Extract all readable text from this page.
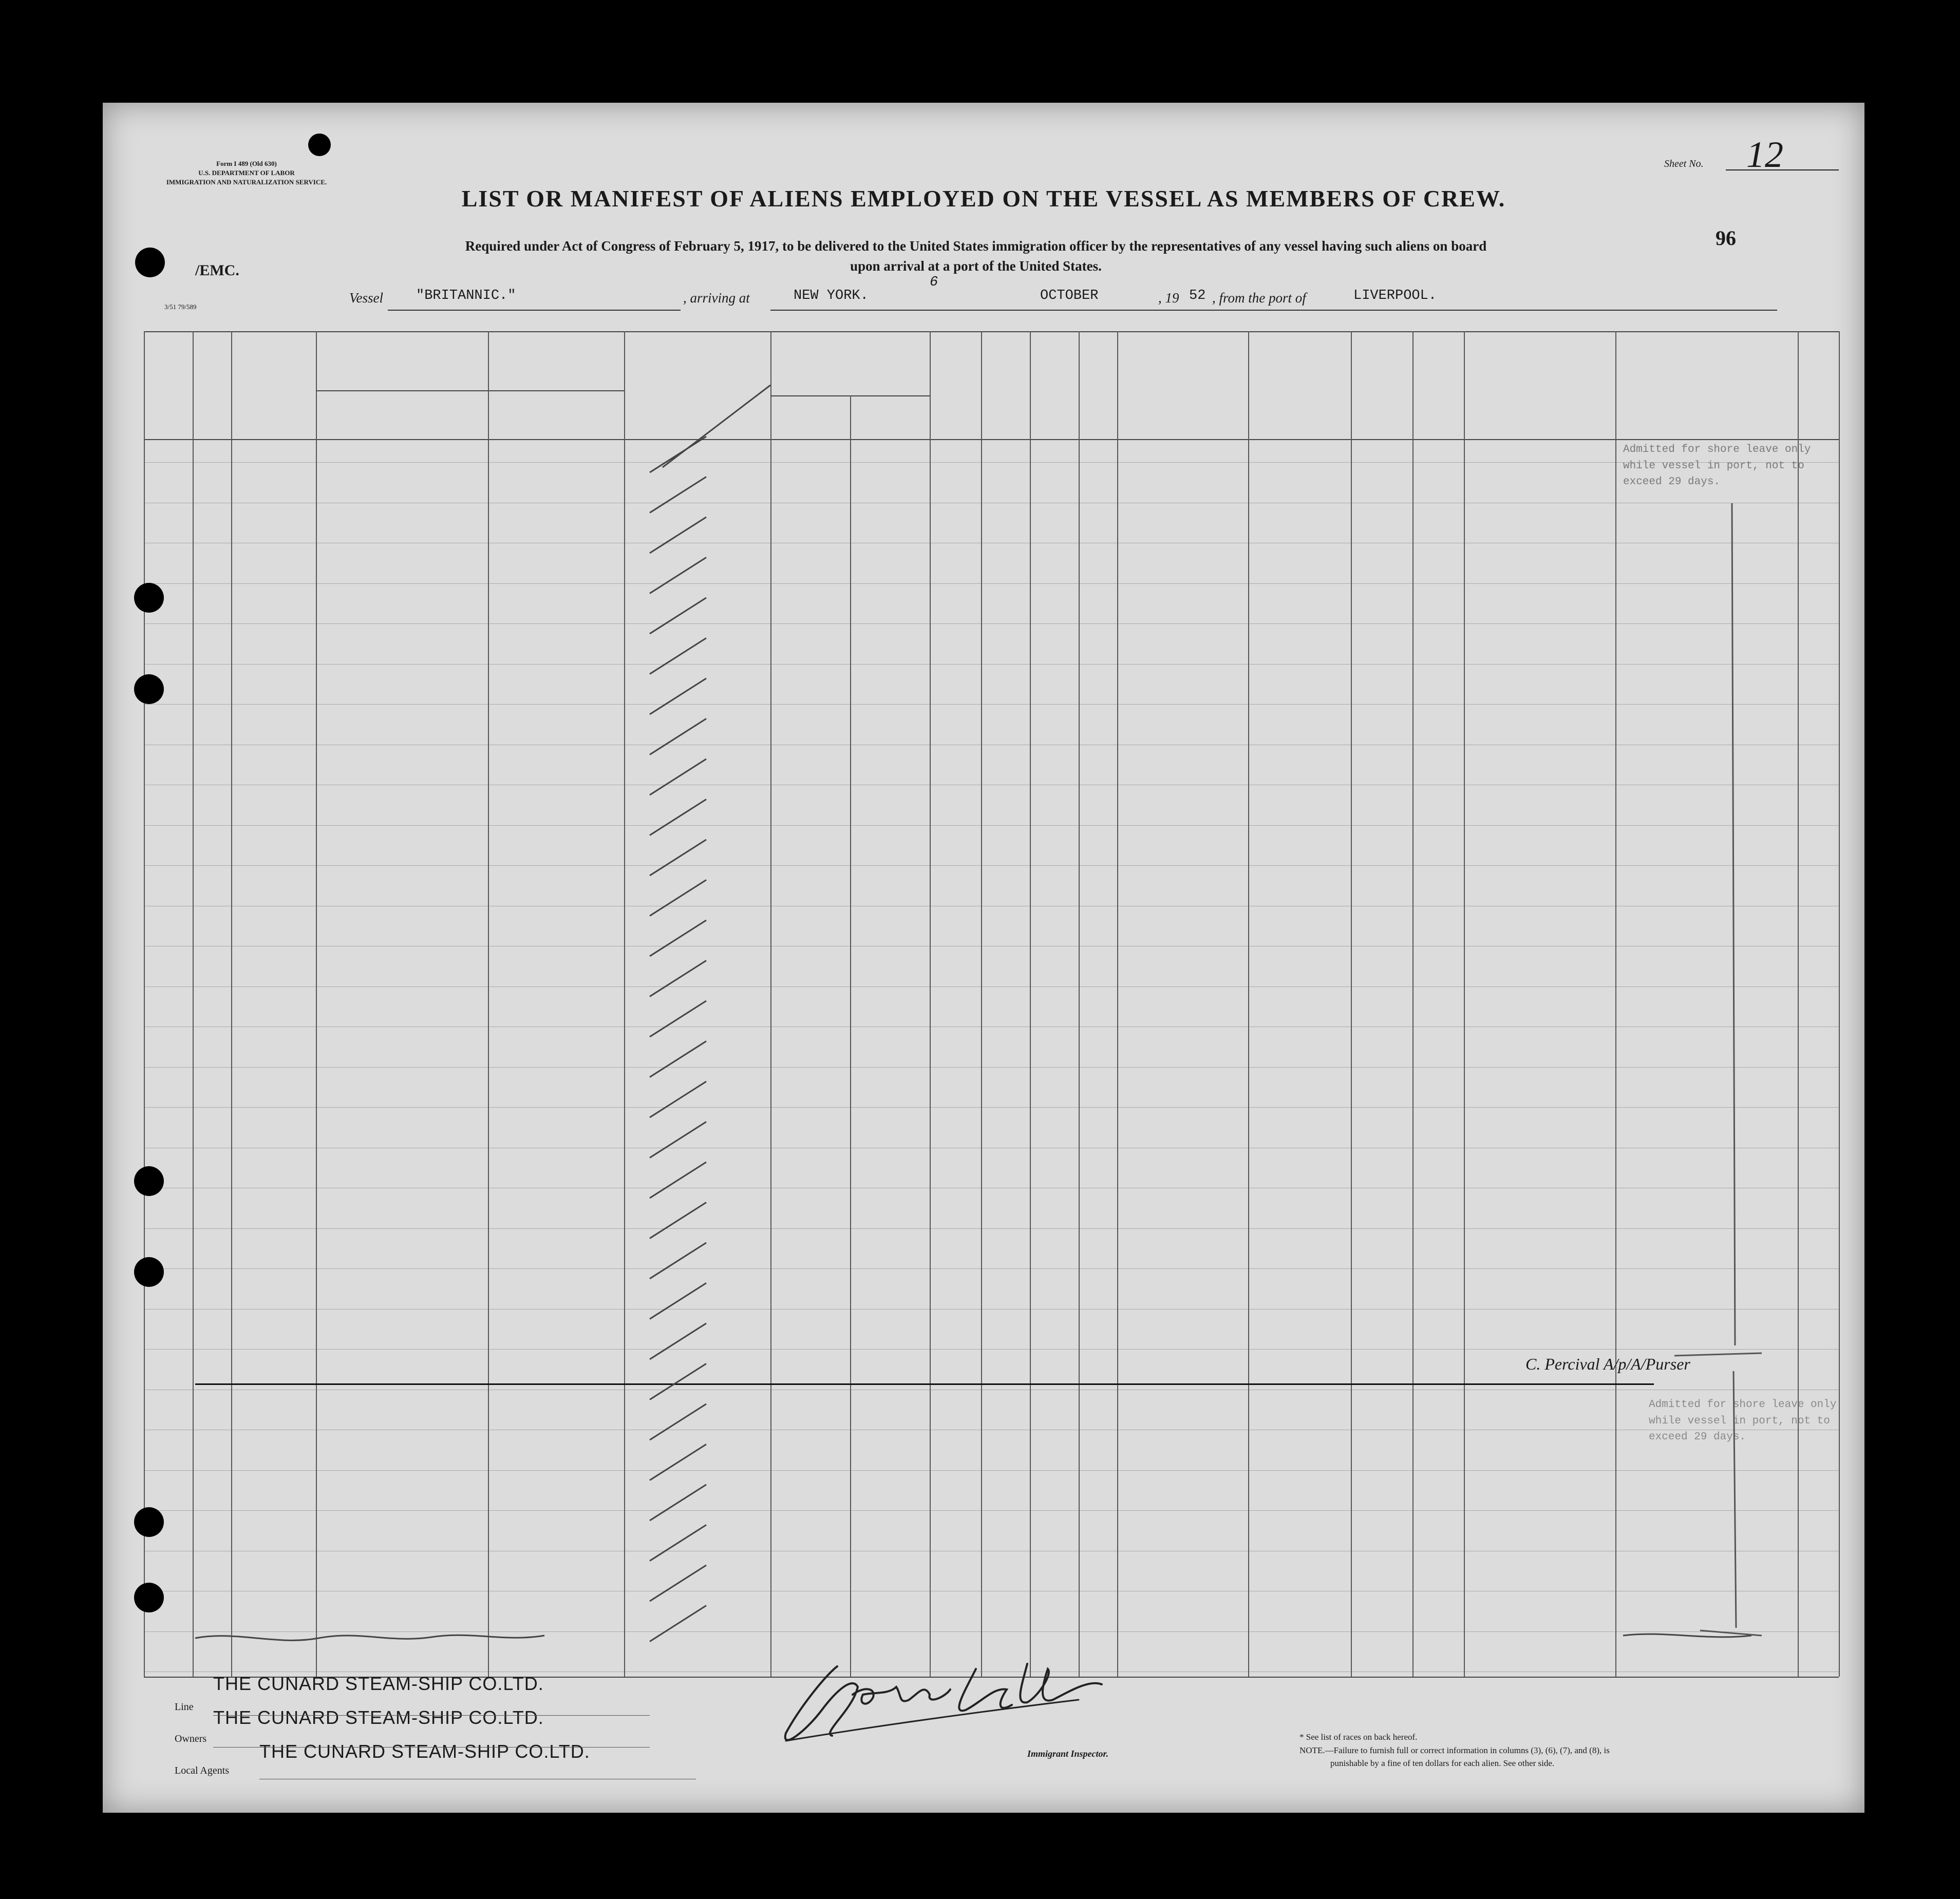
Form I 489 (Old 630)
U.S. DEPARTMENT OF LABOR
IMMIGRATION AND NATURALIZATION SERVICE.
/EMC.
3/51 79/589
Sheet No. 12
96
LIST OR MANIFEST OF ALIENS EMPLOYED ON THE VESSEL AS MEMBERS OF CREW.
Required under Act of Congress of February 5, 1917, to be delivered to the United States immigration officer by the representatives of any vessel having such aliens on board
upon arrival at a port of the United States.
Vessel "BRITANNIC."	, arriving at	NEW YORK.
6
OCTOBER	, 19 52 , from the port of	LIVERPOOL.
Admitted for shore leave only
while vessel in port, not to
exceed 29 days.
Admitted for shore leave only
while vessel in port, not to
exceed 29 days.
C. Percival A/p/A/Purser
Line
Owners
Local Agents
THE CUNARD STEAM-SHIP CO.LTD.
THE CUNARD STEAM-SHIP CO.LTD.
THE CUNARD STEAM-SHIP CO.LTD.	Immigrant Inspector.
* See list of races on back hereof.
NOTE.—Failure to furnish full or correct information in columns (3), (6), (7), and (8), is
punishable by a fine of ten dollars for each alien. See other side.
